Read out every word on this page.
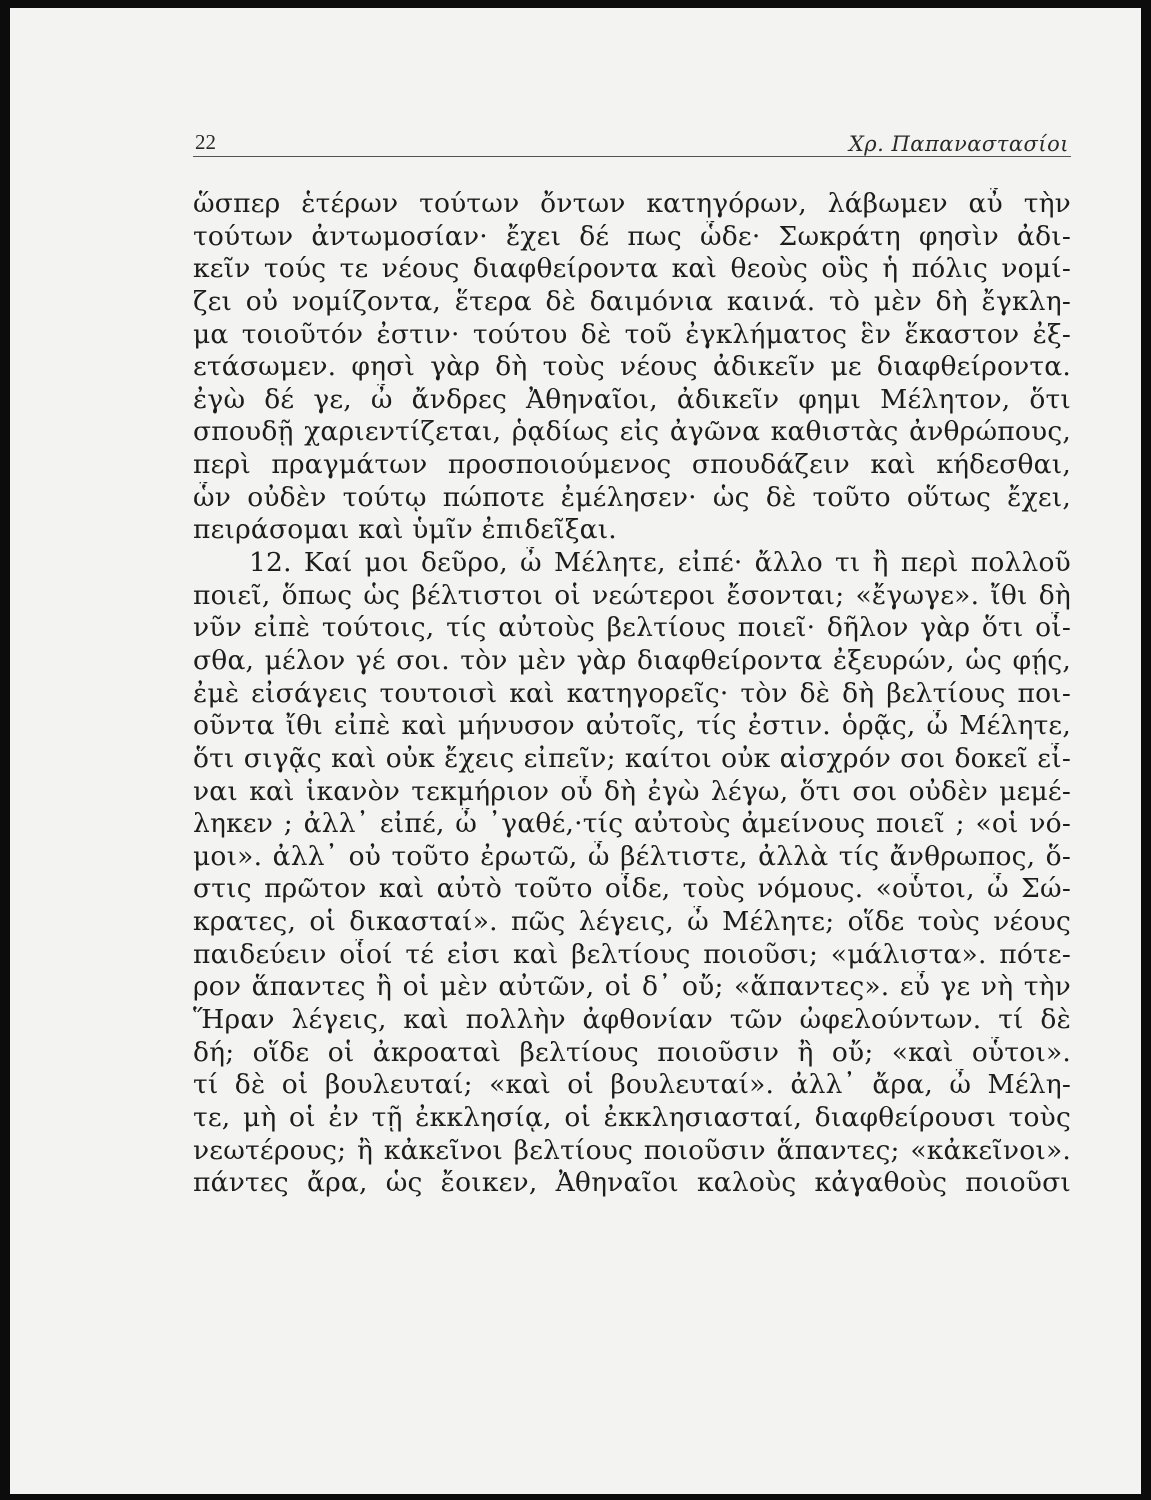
22	Χρ. Παπαναστασίοι
ὥσπερ ἑτέρων τούτων ὄντων κατηγόρων, λάβωμεν αὖ τὴν
τούτων ἀντωμοσίαν· ἔχει δέ πως ὧδε· Σωκράτη φησὶν ἀδι-
κεῖν τούς τε νέους διαφθείροντα καὶ θεοὺς οὓς ἡ πόλις νομί-
ζει οὐ νομίζοντα, ἕτερα δὲ δαιμόνια καινά. τὸ μὲν δὴ ἔγκλη-
μα τοιοῦτόν ἐστιν· τούτου δὲ τοῦ ἐγκλήματος ἓν ἕκαστον ἐξ-
ετάσωμεν. φησὶ γὰρ δὴ τοὺς νέους ἀδικεῖν με διαφθείροντα.
ἐγὼ δέ γε, ὦ ἄνδρες Ἀθηναῖοι, ἀδικεῖν φημι Μέλητον, ὅτι
σπουδῇ χαριεντίζεται, ῥᾳδίως εἰς ἀγῶνα καθιστὰς ἀνθρώπους,
περὶ πραγμάτων προσποιούμενος σπουδάζειν καὶ κήδεσθαι,
ὧν οὐδὲν τούτῳ πώποτε ἐμέλησεν· ὡς δὲ τοῦτο οὕτως ἔχει,
πειράσομαι καὶ ὑμῖν ἐπιδεῖξαι.
12. Καί μοι δεῦρο, ὦ Μέλητε, εἰπέ· ἄλλο τι ἢ περὶ πολλοῦ
ποιεῖ, ὅπως ὡς βέλτιστοι οἱ νεώτεροι ἔσονται; «ἔγωγε». ἴθι δὴ
νῦν εἰπὲ τούτοις, τίς αὐτοὺς βελτίους ποιεῖ· δῆλον γὰρ ὅτι οἶ-
σθα, μέλον γέ σοι. τὸν μὲν γὰρ διαφθείροντα ἐξευρών, ὡς φῄς,
ἐμὲ εἰσάγεις τουτοισὶ καὶ κατηγορεῖς· τὸν δὲ δὴ βελτίους ποι-
οῦντα ἴθι εἰπὲ καὶ μήνυσον αὐτοῖς, τίς ἐστιν. ὁρᾷς, ὦ Μέλητε,
ὅτι σιγᾷς καὶ οὐκ ἔχεις εἰπεῖν; καίτοι οὐκ αἰσχρόν σοι δοκεῖ εἶ-
ναι καὶ ἱκανὸν τεκμήριον οὗ δὴ ἐγὼ λέγω, ὅτι σοι οὐδὲν μεμέ-
ληκεν ; ἀλλ᾽ εἰπέ, ὦ ᾽γαθέ,·τίς αὐτοὺς ἀμείνους ποιεῖ ; «οἱ νό-
μοι». ἀλλ᾽ οὐ τοῦτο ἐρωτῶ, ὦ βέλτιστε, ἀλλὰ τίς ἄνθρωπος, ὅ-
στις πρῶτον καὶ αὐτὸ τοῦτο οἶδε, τοὺς νόμους. «οὗτοι, ὦ Σώ-
κρατες, οἱ δικασταί». πῶς λέγεις, ὦ Μέλητε; οἵδε τοὺς νέους
παιδεύειν οἷοί τέ εἰσι καὶ βελτίους ποιοῦσι; «μάλιστα». πότε-
ρον ἅπαντες ἢ οἱ μὲν αὐτῶν, οἱ δ᾽ οὔ; «ἅπαντες». εὖ γε νὴ τὴν
Ἥραν λέγεις, καὶ πολλὴν ἀφθονίαν τῶν ὠφελούντων. τί δὲ
δή; οἵδε οἱ ἀκροαταὶ βελτίους ποιοῦσιν ἢ οὔ; «καὶ οὗτοι».
τί δὲ οἱ βουλευταί; «καὶ οἱ βουλευταί». ἀλλ᾽ ἄρα, ὦ Μέλη-
τε, μὴ οἱ ἐν τῇ ἐκκλησίᾳ, οἱ ἐκκλησιασταί, διαφθείρουσι τοὺς
νεωτέρους; ἢ κἀκεῖνοι βελτίους ποιοῦσιν ἅπαντες; «κἀκεῖνοι».
πάντες ἄρα, ὡς ἔοικεν, Ἀθηναῖοι καλοὺς κἀγαθοὺς ποιοῦσι
